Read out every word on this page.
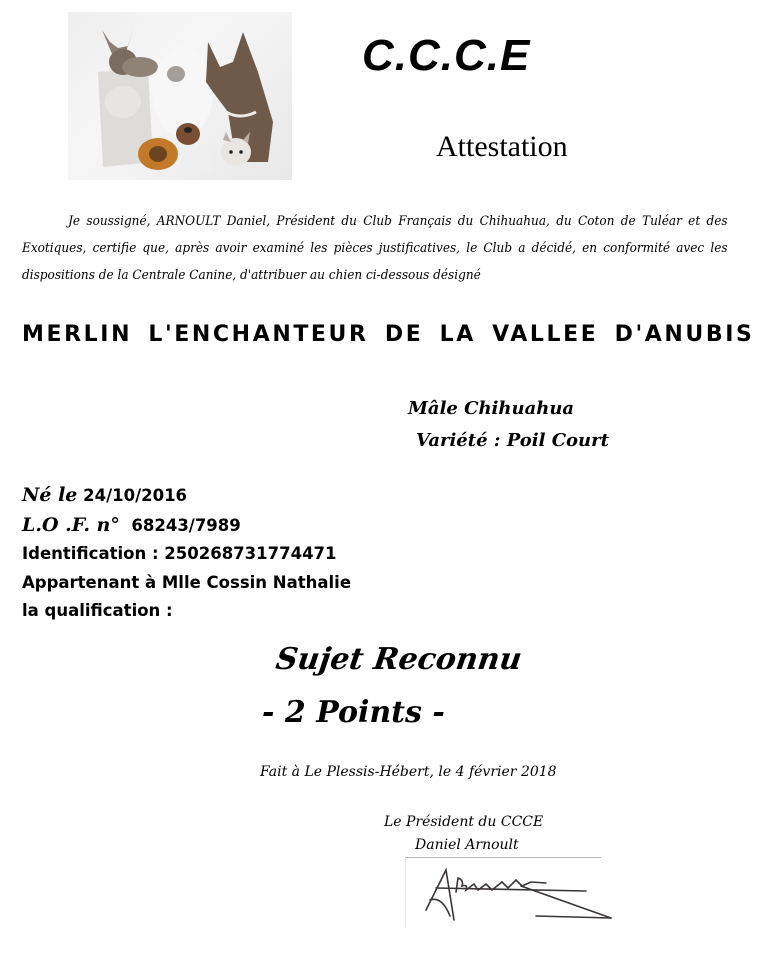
C.C.C.E
Attestation
Je soussigné, ARNOULT Daniel, Président du Club Français du Chihuahua, du Coton de Tuléar et des Exotiques, certifie que, après avoir examiné les pièces justificatives, le Club a décidé, en conformité avec les dispositions de la Centrale Canine, d'attribuer au chien ci-dessous désigné
MERLIN L'ENCHANTEUR DE LA VALLEE D'ANUBIS
Mâle Chihuahua
Variété : Poil Court
Né le 24/10/2016
L.O .F. n° 68243/7989
Identification : 250268731774471
Appartenant à Mlle Cossin Nathalie
la qualification :
Sujet Reconnu
- 2 Points -
Fait à Le Plessis-Hébert, le 4 février 2018
Le Président du CCCE
Daniel Arnoult
